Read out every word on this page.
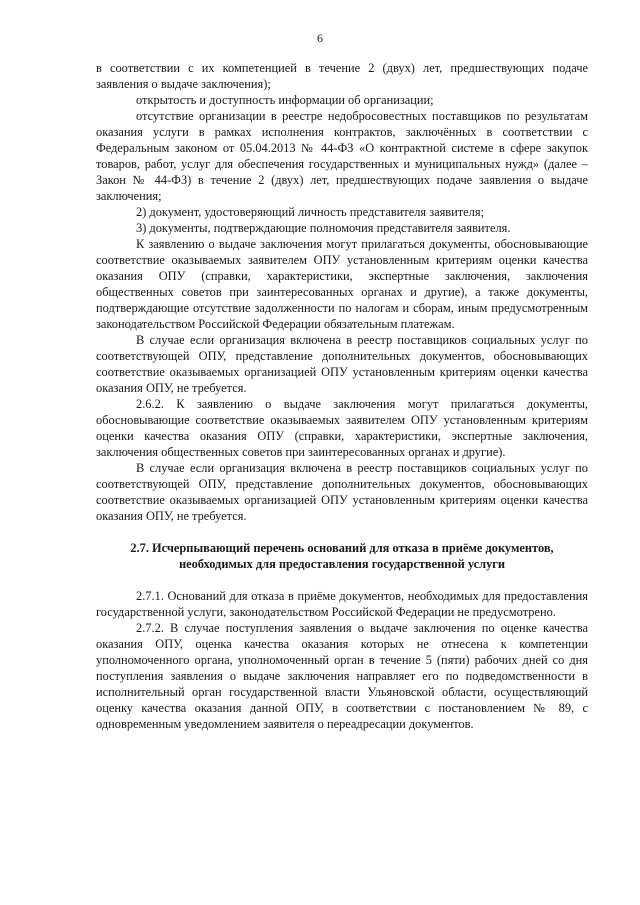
6

в соответствии с их компетенцией в течение 2 (двух) лет, предшествующих подаче заявления о выдаче заключения);

открытость и доступность информации об организации;

отсутствие организации в реестре недобросовестных поставщиков по результатам оказания услуги в рамках исполнения контрактов, заключённых в соответствии с Федеральным законом от 05.04.2013 № 44-ФЗ «О контрактной системе в сфере закупок товаров, работ, услуг для обеспечения государственных и муниципальных нужд» (далее – Закон № 44-ФЗ) в течение 2 (двух) лет, предшествующих подаче заявления о выдаче заключения;

2) документ, удостоверяющий личность представителя заявителя;

3) документы, подтверждающие полномочия представителя заявителя.

К заявлению о выдаче заключения могут прилагаться документы, обосновывающие соответствие оказываемых заявителем ОПУ установленным критериям оценки качества оказания ОПУ (справки, характеристики, экспертные заключения, заключения общественных советов при заинтересованных органах и другие), а также документы, подтверждающие отсутствие задолженности по налогам и сборам, иным предусмотренным законодательством Российской Федерации обязательным платежам.

В случае если организация включена в реестр поставщиков социальных услуг по соответствующей ОПУ, представление дополнительных документов, обосновывающих соответствие оказываемых организацией ОПУ установленным критериям оценки качества оказания ОПУ, не требуется.

2.6.2. К заявлению о выдаче заключения могут прилагаться документы, обосновывающие соответствие оказываемых заявителем ОПУ установленным критериям оценки качества оказания ОПУ (справки, характеристики, экспертные заключения, заключения общественных советов при заинтересованных органах и другие).

В случае если организация включена в реестр поставщиков социальных услуг по соответствующей ОПУ, представление дополнительных документов, обосновывающих соответствие оказываемых организацией ОПУ установленным критериям оценки качества оказания ОПУ, не требуется.

2.7. Исчерпывающий перечень оснований для отказа в приёме документов, необходимых для предоставления государственной услуги

2.7.1. Оснований для отказа в приёме документов, необходимых для предоставления государственной услуги, законодательством Российской Федерации не предусмотрено.

2.7.2. В случае поступления заявления о выдаче заключения по оценке качества оказания ОПУ, оценка качества оказания которых не отнесена к компетенции уполномоченного органа, уполномоченный орган в течение 5 (пяти) рабочих дней со дня поступления заявления о выдаче заключения направляет его по подведомственности в исполнительный орган государственной власти Ульяновской области, осуществляющий оценку качества оказания данной ОПУ, в соответствии с постановлением № 89, с одновременным уведомлением заявителя о переадресации документов.
